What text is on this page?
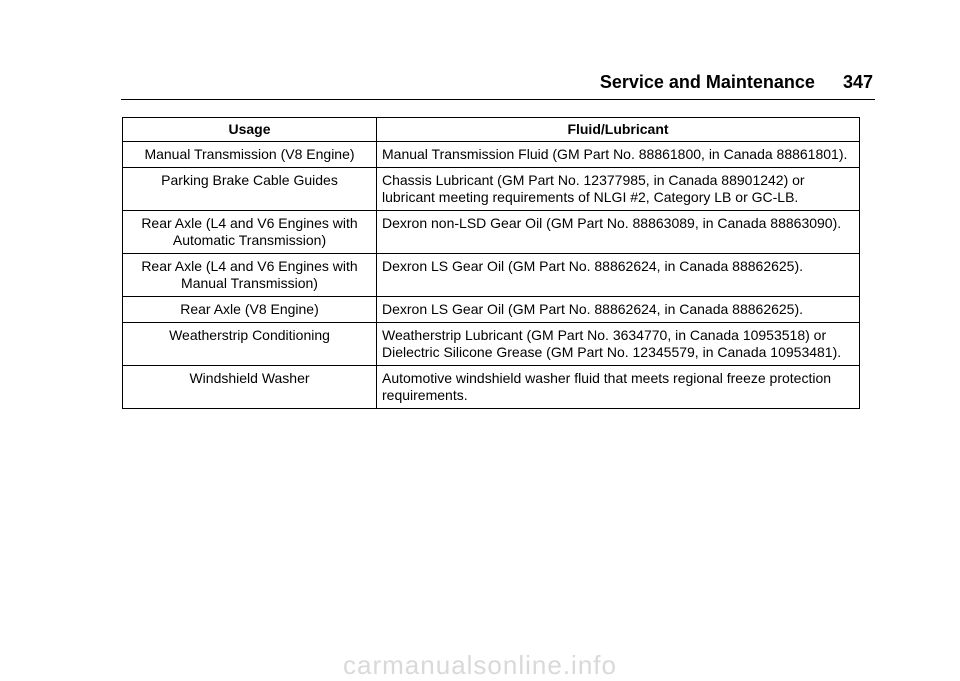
Service and Maintenance 347
Usage	Fluid/Lubricant
Manual Transmission (V8 Engine)	Manual Transmission Fluid (GM Part No. 88861800, in Canada 88861801).
Parking Brake Cable Guides	Chassis Lubricant (GM Part No. 12377985, in Canada 88901242) or lubricant meeting requirements of NLGI #2, Category LB or GC-LB.
Rear Axle (L4 and V6 Engines with Automatic Transmission)	Dexron non-LSD Gear Oil (GM Part No. 88863089, in Canada 88863090).
Rear Axle (L4 and V6 Engines with Manual Transmission)	Dexron LS Gear Oil (GM Part No. 88862624, in Canada 88862625).
Rear Axle (V8 Engine)	Dexron LS Gear Oil (GM Part No. 88862624, in Canada 88862625).
Weatherstrip Conditioning	Weatherstrip Lubricant (GM Part No. 3634770, in Canada 10953518) or Dielectric Silicone Grease (GM Part No. 12345579, in Canada 10953481).
Windshield Washer	Automotive windshield washer fluid that meets regional freeze protection requirements.
carmanualsonline.info
